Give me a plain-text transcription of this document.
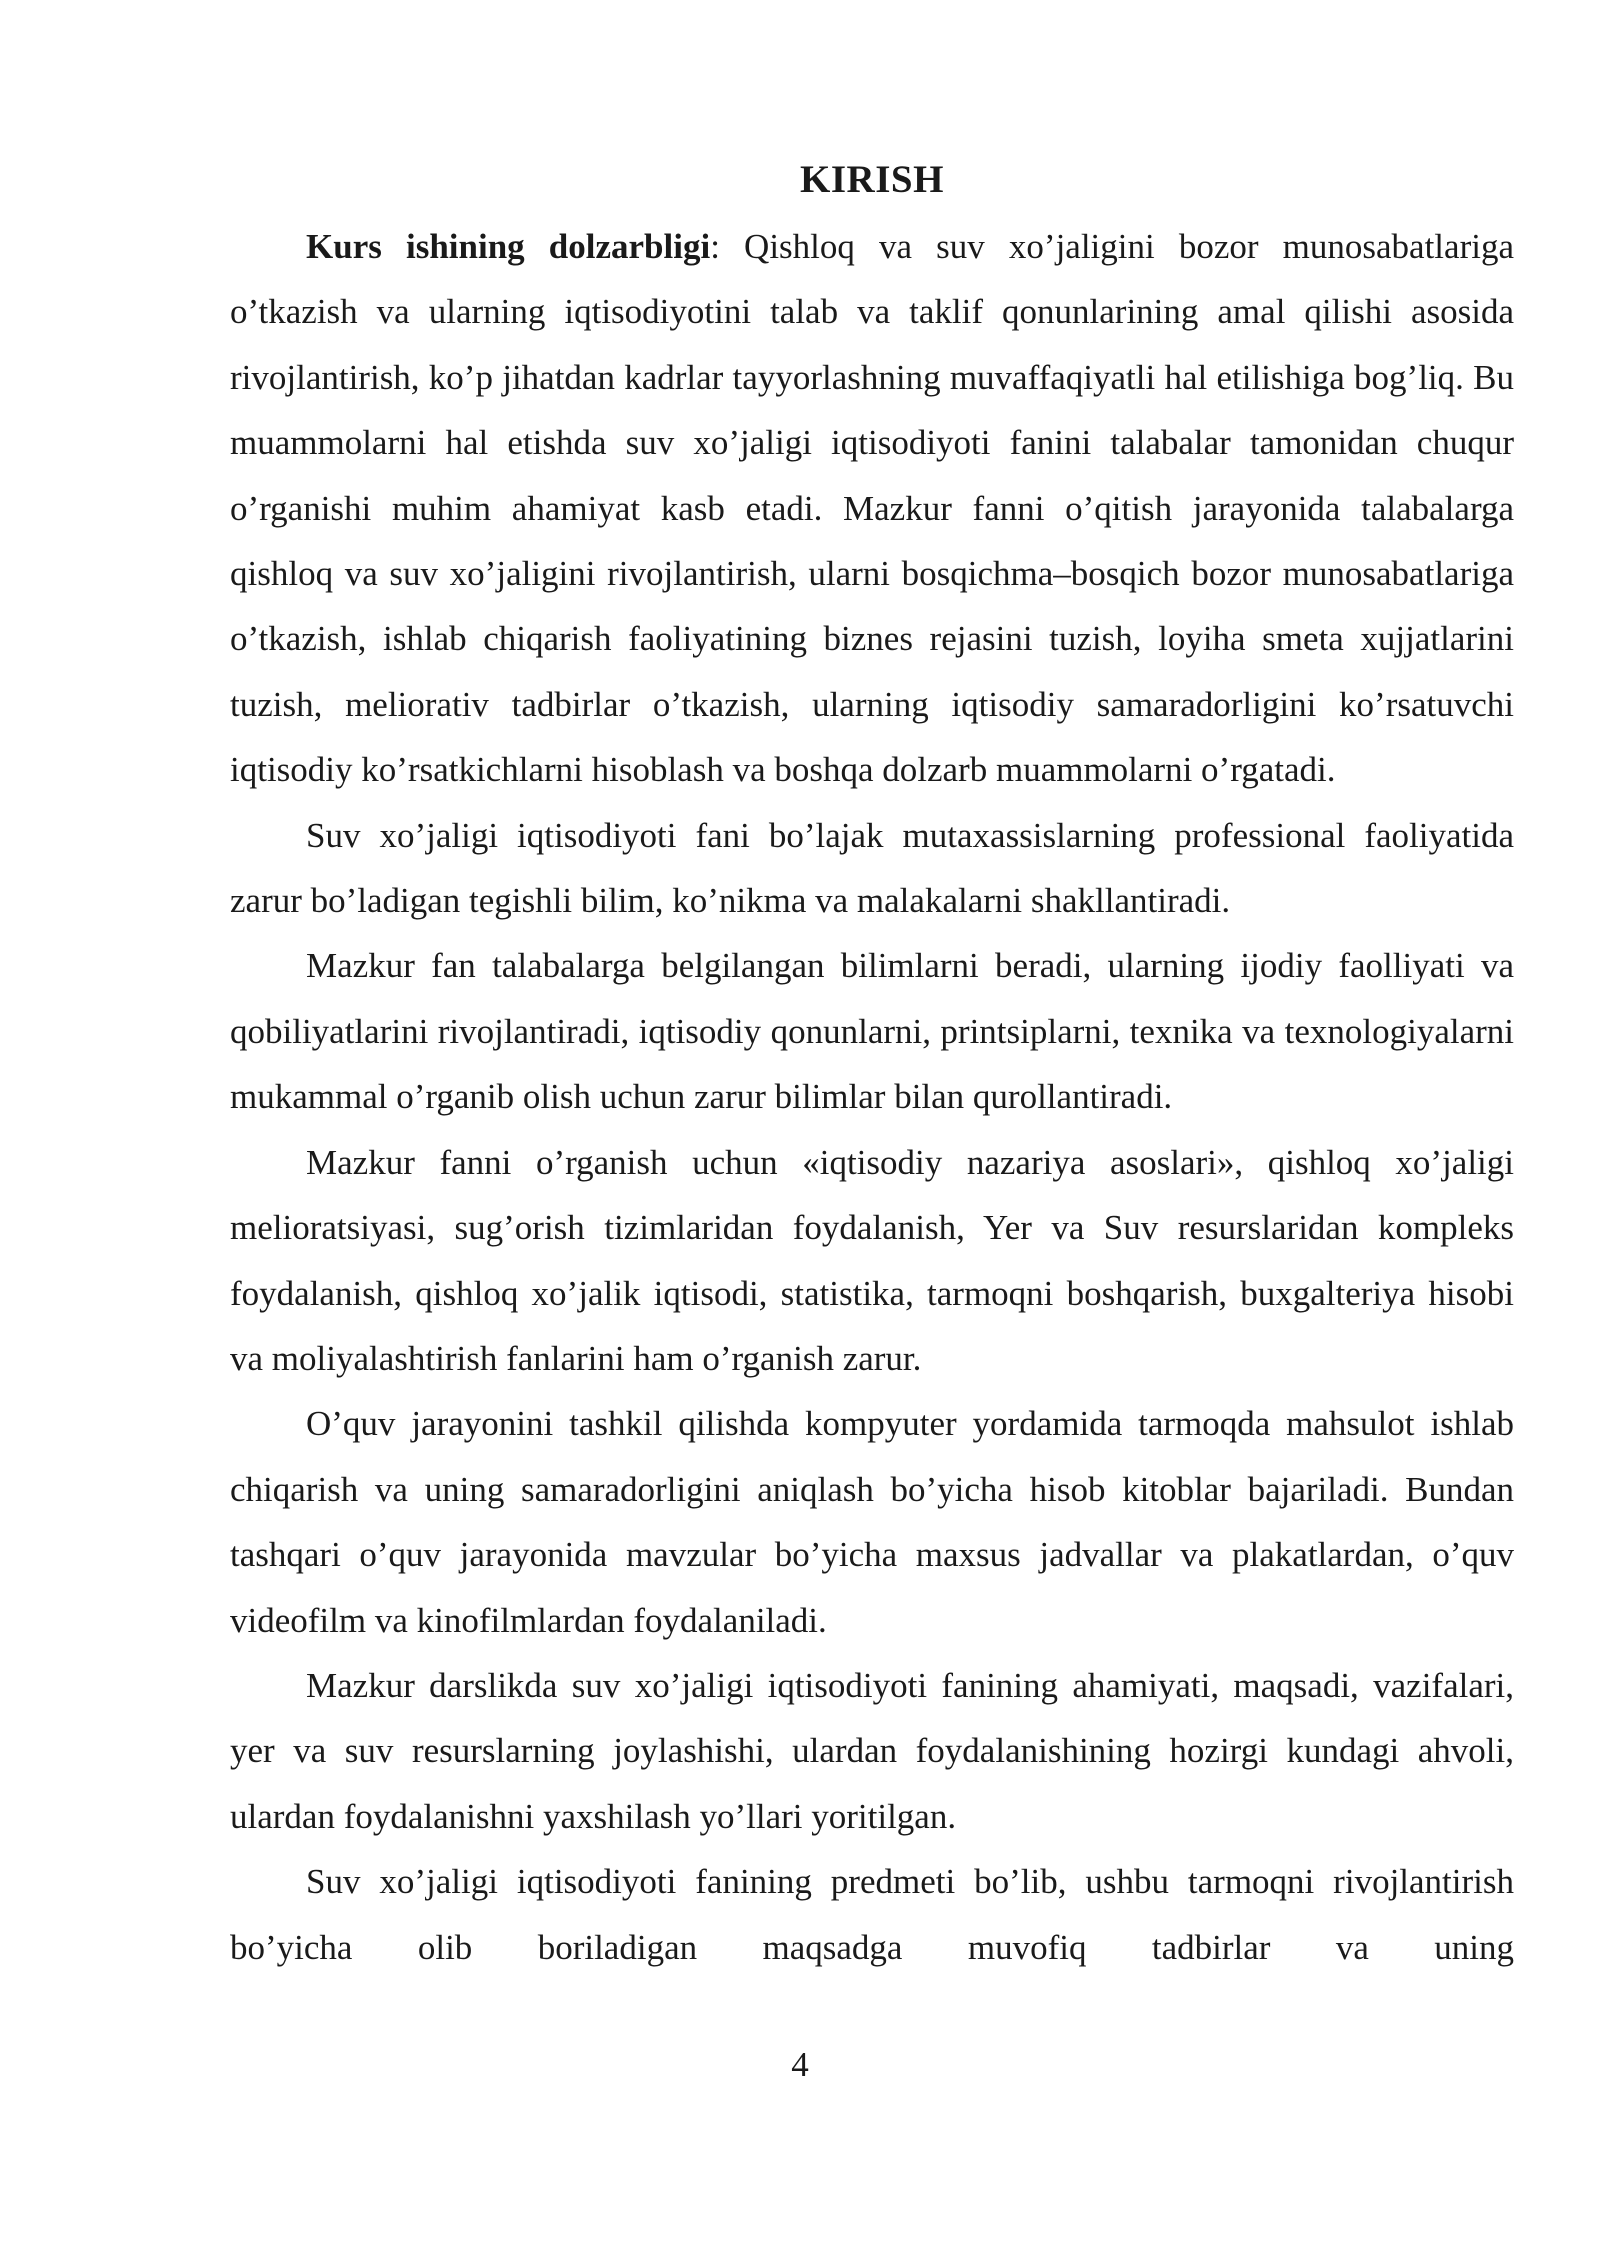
KIRISH

Kurs ishining dolzarbligi: Qishloq va suv xo’jaligini bozor munosabatlariga o’tkazish va ularning iqtisodiyotini talab va taklif qonunlarining amal qilishi asosida rivojlantirish, ko’p jihatdan kadrlar tayyorlashning muvaffaqiyatli hal etilishiga bog’liq. Bu muammolarni hal etishda suv xo’jaligi iqtisodiyoti fanini talabalar tamonidan chuqur o’rganishi muhim ahamiyat kasb etadi. Mazkur fanni o’qitish jarayonida talabalarga qishloq va suv xo’jaligini rivojlantirish, ularni bosqichma–bosqich bozor munosabatlariga o’tkazish, ishlab chiqarish faoliyatining biznes rejasini tuzish, loyiha smeta xujjatlarini tuzish, meliorativ tadbirlar o’tkazish, ularning iqtisodiy samaradorligini ko’rsatuvchi iqtisodiy ko’rsatkichlarni hisoblash va boshqa dolzarb muammolarni o’rgatadi.

Suv xo’jaligi iqtisodiyoti fani bo’lajak mutaxassislarning professional faoliyatida zarur bo’ladigan tegishli bilim, ko’nikma va malakalarni shakllantiradi.

Mazkur fan talabalarga belgilangan bilimlarni beradi, ularning ijodiy faolliyati va qobiliyatlarini rivojlantiradi, iqtisodiy qonunlarni, printsiplarni, texnika va texnologiyalarni mukammal o’rganib olish uchun zarur bilimlar bilan qurollantiradi.

Mazkur fanni o’rganish uchun «iqtisodiy nazariya asoslari», qishloq xo’jaligi melioratsiyasi, sug’orish tizimlaridan foydalanish, Yer va Suv resurslaridan kompleks foydalanish, qishloq xo’jalik iqtisodi, statistika, tarmoqni boshqarish, buxgalteriya hisobi va moliyalashtirish fanlarini ham o’rganish zarur.

O’quv jarayonini tashkil qilishda kompyuter yordamida tarmoqda mahsulot ishlab chiqarish va uning samaradorligini aniqlash bo’yicha hisob kitoblar bajariladi. Bundan tashqari o’quv jarayonida mavzular bo’yicha maxsus jadvallar va plakatlardan, o’quv videofilm va kinofilmlardan foydalaniladi.

Mazkur darslikda suv xo’jaligi iqtisodiyoti fanining ahamiyati, maqsadi, vazifalari, yer va suv resurslarning joylashishi, ulardan foydalanishining hozirgi kundagi ahvoli, ulardan foydalanishni yaxshilash yo’llari yoritilgan.

Suv xo’jaligi iqtisodiyoti fanining predmeti bo’lib, ushbu tarmoqni rivojlantirish bo’yicha olib boriladigan maqsadga muvofiq tadbirlar va uning

4
